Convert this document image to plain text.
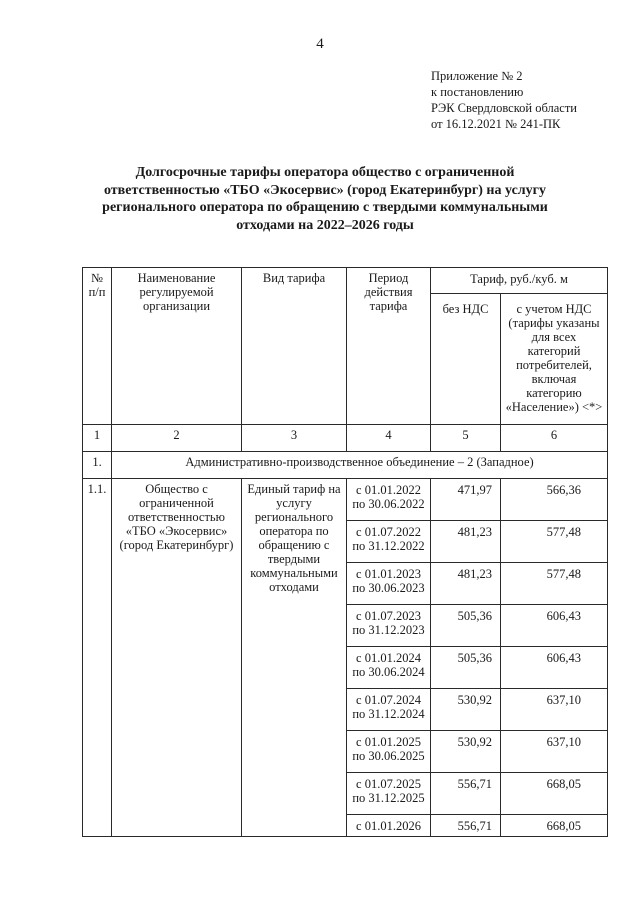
4
Приложение № 2
к постановлению
РЭК Свердловской области
от 16.12.2021 № 241-ПК
Долгосрочные тарифы оператора общество с ограниченной
ответственностью «ТБО «Экосервис» (город Екатеринбург) на услугу
регионального оператора по обращению с твердыми коммунальными
отходами на 2022–2026 годы
№ п/п	Наименование регулируемой организации	Вид тарифа	Период действия тарифа	Тариф, руб./куб. м	
				без НДС	с учетом НДС (тарифы указаны для всех категорий потребителей, включая категорию «Население») <*>
1	2	3	4	5	6
1.	Административно-производственное объединение – 2 (Западное)				
1.1.	Общество с ограниченной ответственностью «ТБО «Экосервис» (город Екатеринбург)	Единый тариф на услугу регионального оператора по обращению с твердыми коммунальными отходами	с 01.01.2022
по 30.06.2022	471,97	566,36

			с 01.07.2022
по 31.12.2022	481,23	577,48

			с 01.01.2023
по 30.06.2023	481,23	577,48

			с 01.07.2023
по 31.12.2023	505,36	606,43

			с 01.01.2024
по 30.06.2024	505,36	606,43

			с 01.07.2024
по 31.12.2024	530,92	637,10

			с 01.01.2025
по 30.06.2025	530,92	637,10

			с 01.07.2025
по 31.12.2025	556,71	668,05

			с 01.01.2026	556,71	668,05
